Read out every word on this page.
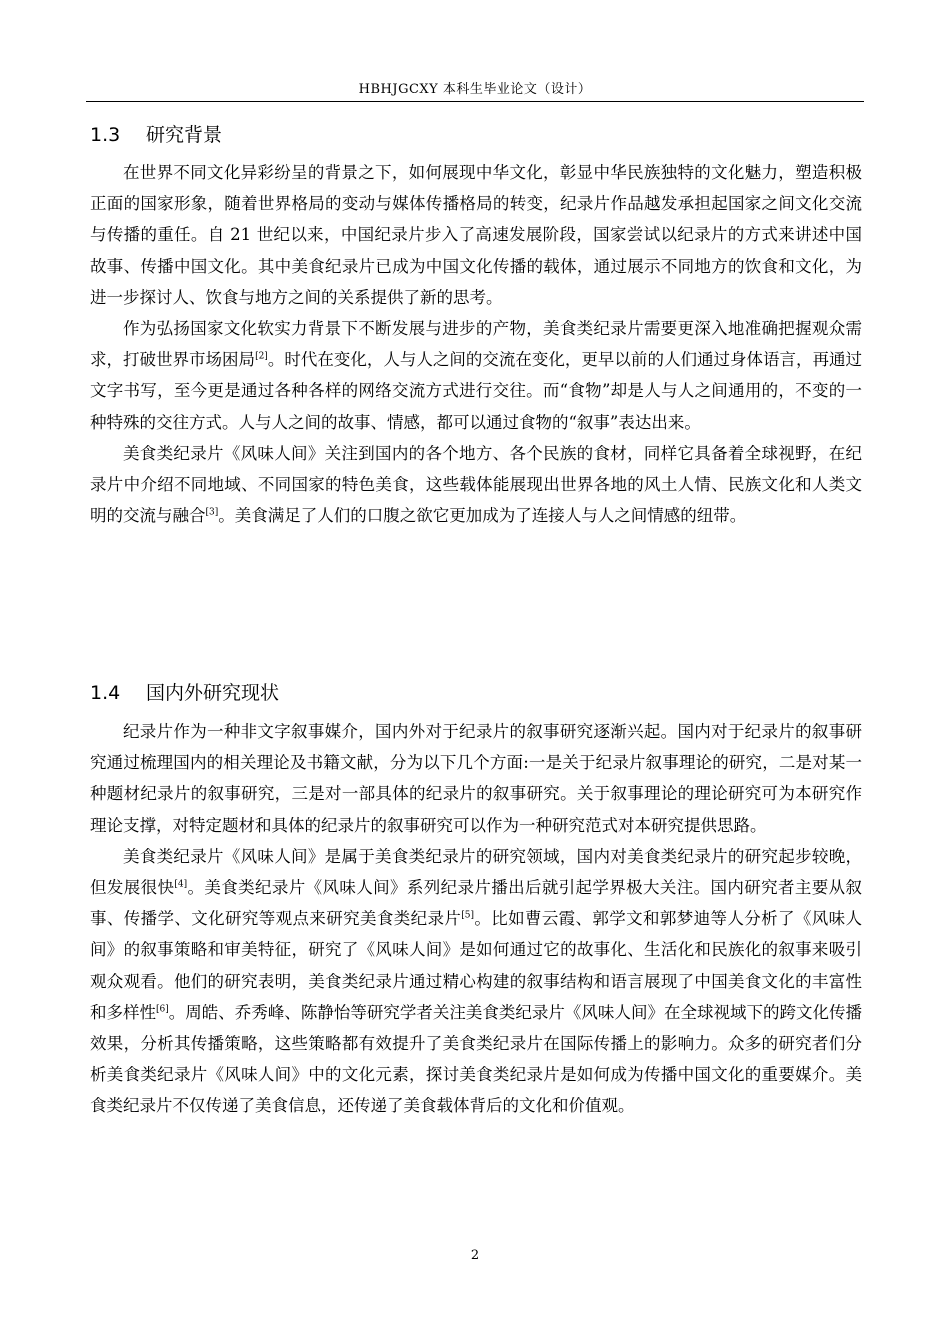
HBHJGCXY 本科生毕业论文（设计）
1.3 研究背景

在世界不同文化异彩纷呈的背景之下，如何展现中华文化，彰显中华民族独特的文化魅力，塑造积极正面的国家形象，随着世界格局的变动与媒体传播格局的转变，纪录片作品越发承担起国家之间文化交流与传播的重任。自 21 世纪以来，中国纪录片步入了高速发展阶段，国家尝试以纪录片的方式来讲述中国故事、传播中国文化。其中美食纪录片已成为中国文化传播的载体，通过展示不同地方的饮食和文化，为进一步探讨人、饮食与地方之间的关系提供了新的思考。

作为弘扬国家文化软实力背景下不断发展与进步的产物，美食类纪录片需要更深入地准确把握观众需求，打破世界市场困局[2]。时代在变化，人与人之间的交流在变化，更早以前的人们通过身体语言，再通过文字书写，至今更是通过各种各样的网络交流方式进行交往。而“食物”却是人与人之间通用的，不变的一种特殊的交往方式。人与人之间的故事、情感，都可以通过食物的“叙事”表达出来。

美食类纪录片《风味人间》关注到国内的各个地方、各个民族的食材，同样它具备着全球视野，在纪录片中介绍不同地域、不同国家的特色美食，这些载体能展现出世界各地的风土人情、民族文化和人类文明的交流与融合[3]。美食满足了人们的口腹之欲它更加成为了连接人与人之间情感的纽带。

1.4 国内外研究现状

纪录片作为一种非文字叙事媒介，国内外对于纪录片的叙事研究逐渐兴起。国内对于纪录片的叙事研究通过梳理国内的相关理论及书籍文献，分为以下几个方面:一是关于纪录片叙事理论的研究，二是对某一种题材纪录片的叙事研究，三是对一部具体的纪录片的叙事研究。关于叙事理论的理论研究可为本研究作理论支撑，对特定题材和具体的纪录片的叙事研究可以作为一种研究范式对本研究提供思路。

美食类纪录片《风味人间》是属于美食类纪录片的研究领域，国内对美食类纪录片的研究起步较晚，但发展很快[4]。美食类纪录片《风味人间》系列纪录片播出后就引起学界极大关注。国内研究者主要从叙事、传播学、文化研究等观点来研究美食类纪录片[5]。比如曹云霞、郭学文和郭梦迪等人分析了《风味人间》的叙事策略和审美特征，研究了《风味人间》是如何通过它的故事化、生活化和民族化的叙事来吸引观众观看。他们的研究表明，美食类纪录片通过精心构建的叙事结构和语言展现了中国美食文化的丰富性和多样性[6]。周皓、乔秀峰、陈静怡等研究学者关注美食类纪录片《风味人间》在全球视域下的跨文化传播效果，分析其传播策略，这些策略都有效提升了美食类纪录片在国际传播上的影响力。众多的研究者们分析美食类纪录片《风味人间》中的文化元素，探讨美食类纪录片是如何成为传播中国文化的重要媒介。美食类纪录片不仅传递了美食信息，还传递了美食载体背后的文化和价值观。

2
